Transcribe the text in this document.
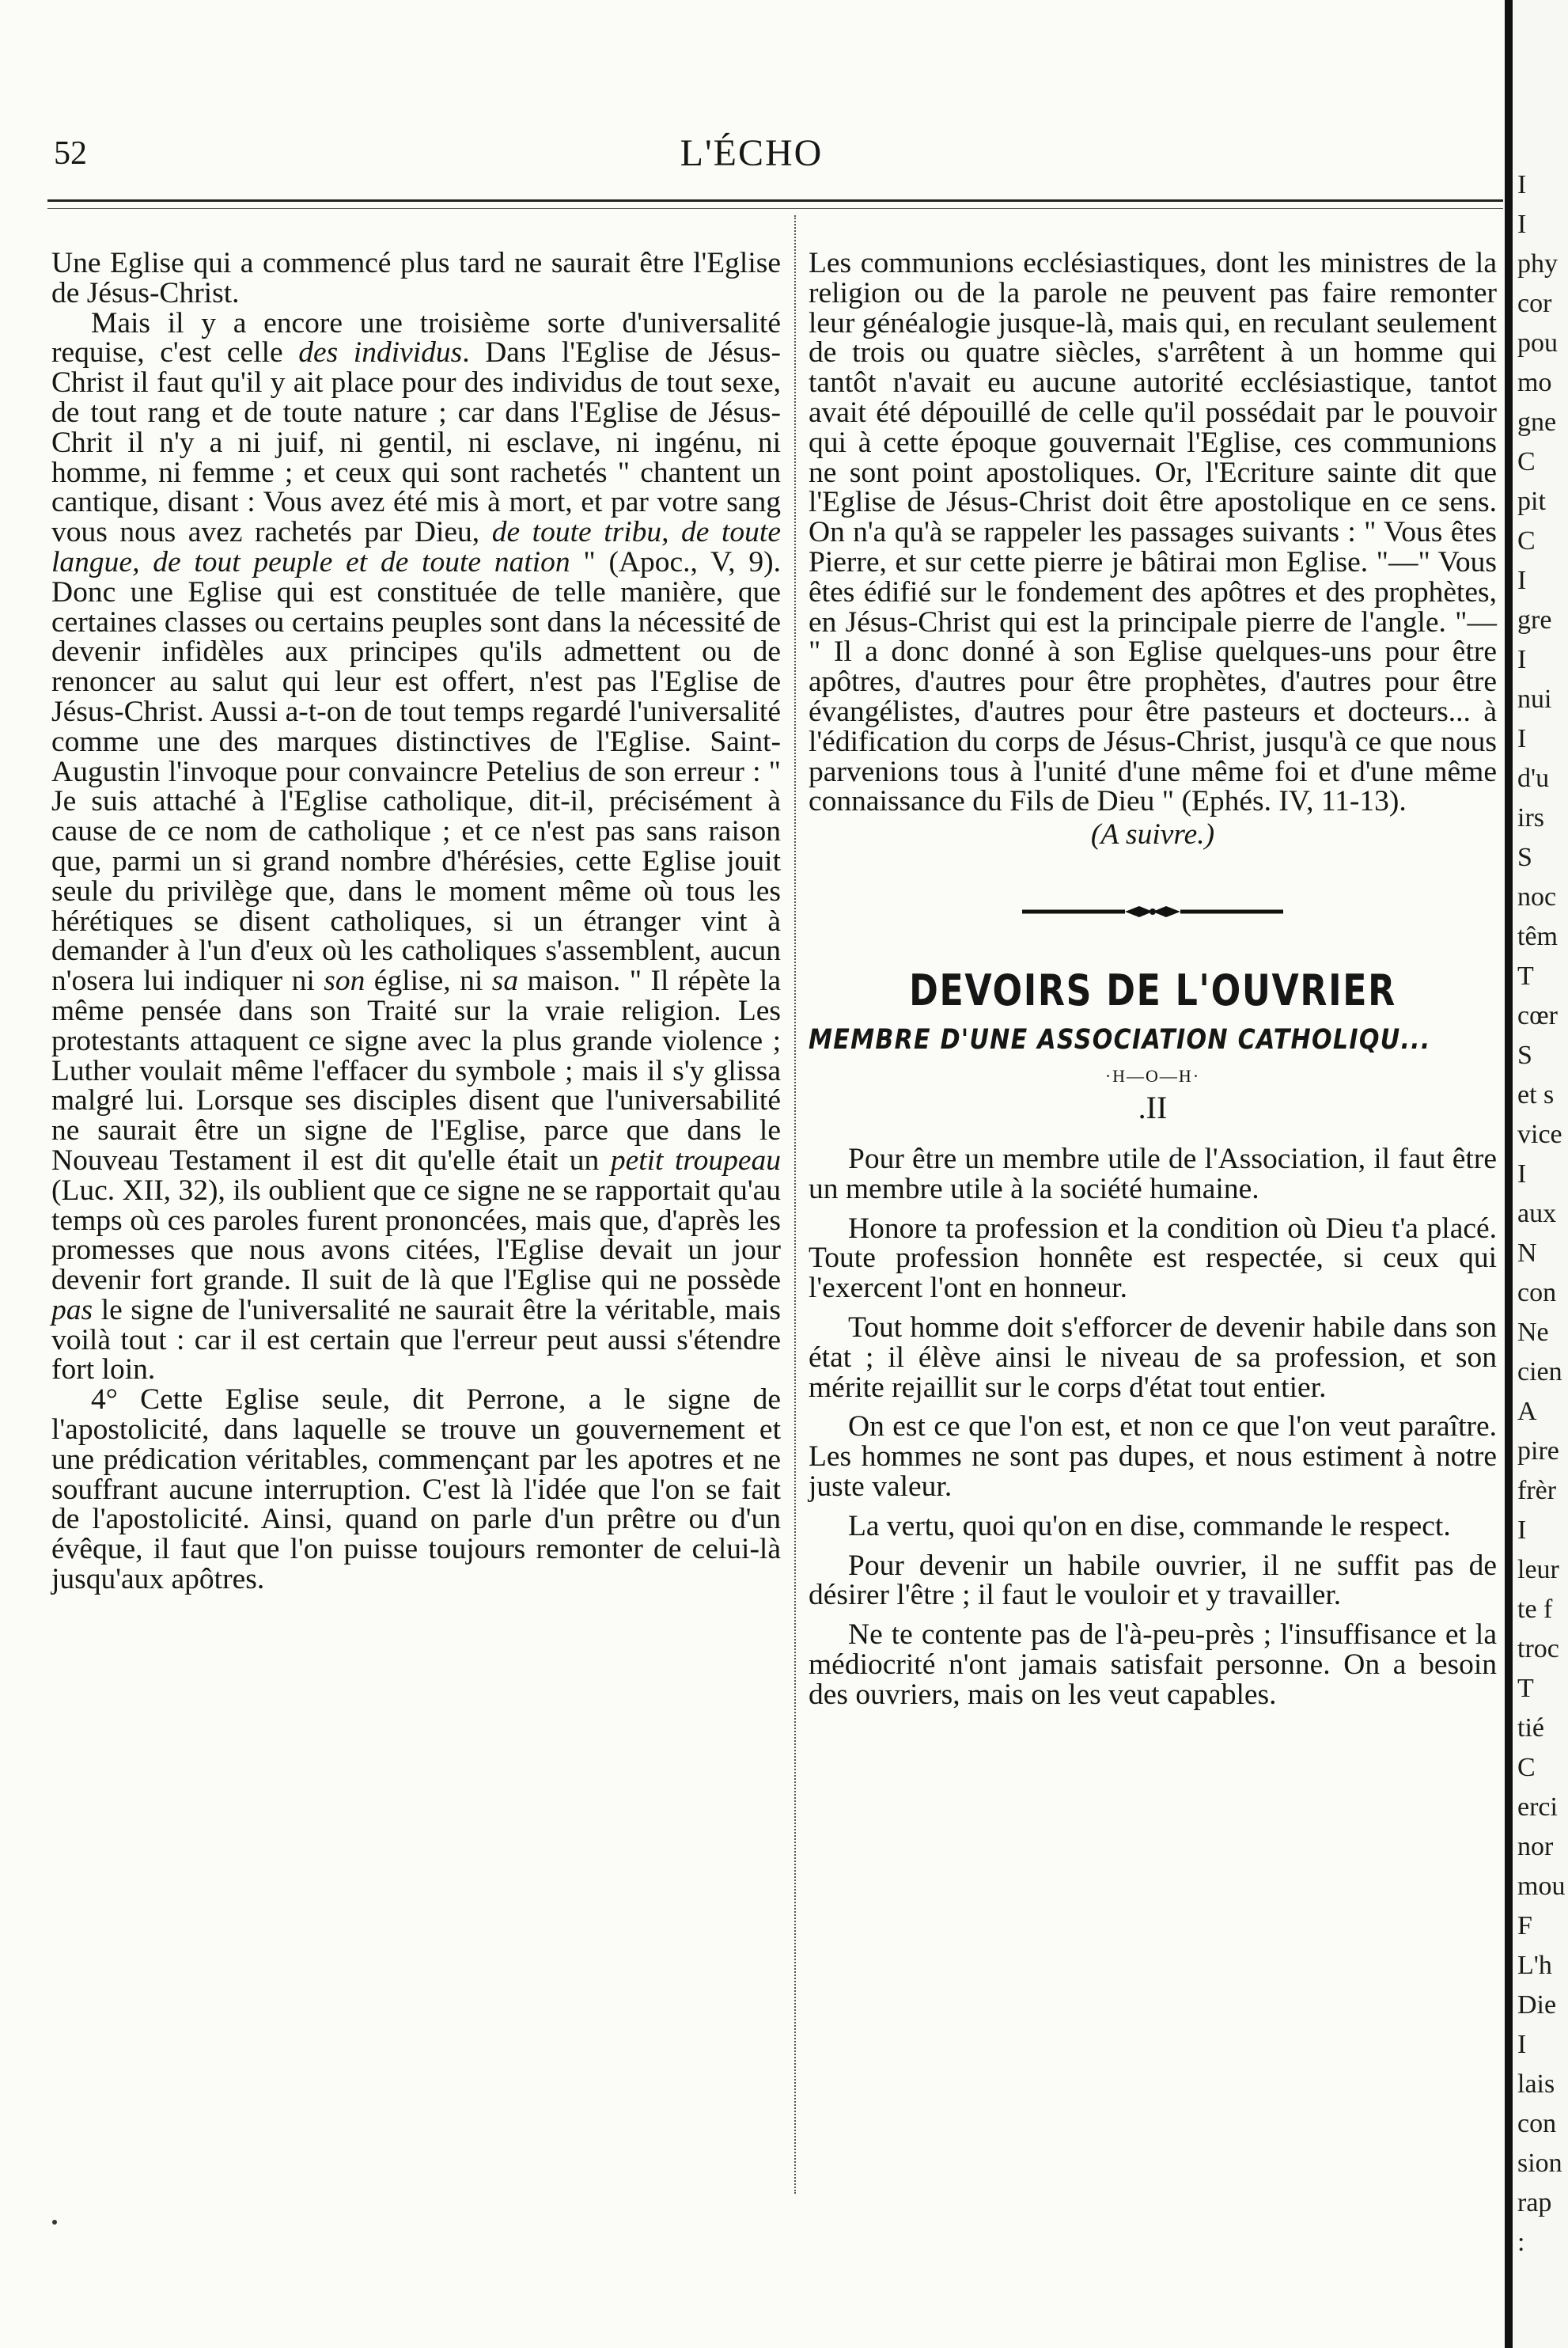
52	L'ÉCHO

Une Eglise qui a commencé plus tard ne saurait être l'Eglise de Jésus-Christ.

Mais il y a encore une troisième sorte d'universalité requise, c'est celle des individus. Dans l'Eglise de Jésus-Christ il faut qu'il y ait place pour des individus de tout sexe, de tout rang et de toute nature ; car dans l'Eglise de Jésus-Chrit il n'y a ni juif, ni gentil, ni esclave, ni ingénu, ni homme, ni femme ; et ceux qui sont rachetés " chantent un cantique, disant : Vous avez été mis à mort, et par votre sang vous nous avez rachetés par Dieu, de toute tribu, de toute langue, de tout peuple et de toute nation " (Apoc., V, 9). Donc une Eglise qui est constituée de telle manière, que certaines classes ou certains peuples sont dans la nécessité de devenir infidèles aux principes qu'ils admettent ou de renoncer au salut qui leur est offert, n'est pas l'Eglise de Jésus-Christ. Aussi a-t-on de tout temps regardé l'universalité comme une des marques distinctives de l'Eglise. Saint-Augustin l'invoque pour convaincre Petelius de son erreur : " Je suis attaché à l'Eglise catholique, dit-il, précisément à cause de ce nom de catholique ; et ce n'est pas sans raison que, parmi un si grand nombre d'hérésies, cette Eglise jouit seule du privilège que, dans le moment même où tous les hérétiques se disent catholiques, si un étranger vint à demander à l'un d'eux où les catholiques s'assemblent, aucun n'osera lui indiquer ni son église, ni sa maison. " Il répète la même pensée dans son Traité sur la vraie religion. Les protestants attaquent ce signe avec la plus grande violence ; Luther voulait même l'effacer du symbole ; mais il s'y glissa malgré lui. Lorsque ses disciples disent que l'universabilité ne saurait être un signe de l'Eglise, parce que dans le Nouveau Testament il est dit qu'elle était un petit troupeau (Luc. XII, 32), ils oublient que ce signe ne se rapportait qu'au temps où ces paroles furent prononcées, mais que, d'après les promesses que nous avons citées, l'Eglise devait un jour devenir fort grande. Il suit de là que l'Eglise qui ne possède pas le signe de l'universalité ne saurait être la véritable, mais voilà tout : car il est certain que l'erreur peut aussi s'étendre fort loin.

4° Cette Eglise seule, dit Perrone, a le signe de l'apostolicité, dans laquelle se trouve un gouvernement et une prédication véritables, commençant par les apotres et ne souffrant aucune interruption. C'est là l'idée que l'on se fait de l'apostolicité. Ainsi, quand on parle d'un prêtre ou d'un évêque, il faut que l'on puisse toujours remonter de celui-là jusqu'aux apôtres.

Les communions ecclésiastiques, dont les ministres de la religion ou de la parole ne peuvent pas faire remonter leur généalogie jusque-là, mais qui, en reculant seulement de trois ou quatre siècles, s'arrêtent à un homme qui tantôt n'avait eu aucune autorité ecclésiastique, tantot avait été dépouillé de celle qu'il possédait par le pouvoir qui à cette époque gouvernait l'Eglise, ces communions ne sont point apostoliques. Or, l'Ecriture sainte dit que l'Eglise de Jésus-Christ doit être apostolique en ce sens. On n'a qu'à se rappeler les passages suivants : " Vous êtes Pierre, et sur cette pierre je bâtirai mon Eglise. "—" Vous êtes édifié sur le fondement des apôtres et des prophètes, en Jésus-Christ qui est la principale pierre de l'angle. "— " Il a donc donné à son Eglise quelques-uns pour être apôtres, d'autres pour être prophètes, d'autres pour être évangélistes, d'autres pour être pasteurs et docteurs... à l'édification du corps de Jésus-Christ, jusqu'à ce que nous parvenions tous à l'unité d'une même foi et d'une même connaissance du Fils de Dieu " (Ephés. IV, 11-13).

(A suivre.)
DEVOIRS DE L'OUVRIER
MEMBRE D'UNE ASSOCIATION CATHOLIQU...
·H—O—H·
.II

Pour être un membre utile de l'Association, il faut être un membre utile à la société humaine.

Honore ta profession et la condition où Dieu t'a placé. Toute profession honnête est respectée, si ceux qui l'exercent l'ont en honneur.

Tout homme doit s'efforcer de devenir habile dans son état ; il élève ainsi le niveau de sa profession, et son mérite rejaillit sur le corps d'état tout entier.

On est ce que l'on est, et non ce que l'on veut paraître. Les hommes ne sont pas dupes, et nous estiment à notre juste valeur.

La vertu, quoi qu'on en dise, commande le respect.

Pour devenir un habile ouvrier, il ne suffit pas de désirer l'être ; il faut le vouloir et y travailler.

Ne te contente pas de l'à-peu-près ; l'insuffisance et la médiocrité n'ont jamais satisfait personne. On a besoin des ouvriers, mais on les veut capables.

I
I
phy
cor
pou
mo
gne
C
pit
C
I
gre
I
nui
I
d'u
irs
S
noc
têm
T
cœr
S
et s
vice
I
aux
N
con
Ne
cien
A
pire
frèr
I
leur
te f
troc
T
tié
C
erci
nor
mou
F
L'h
Die
I
lais
con
sion
rap
:
